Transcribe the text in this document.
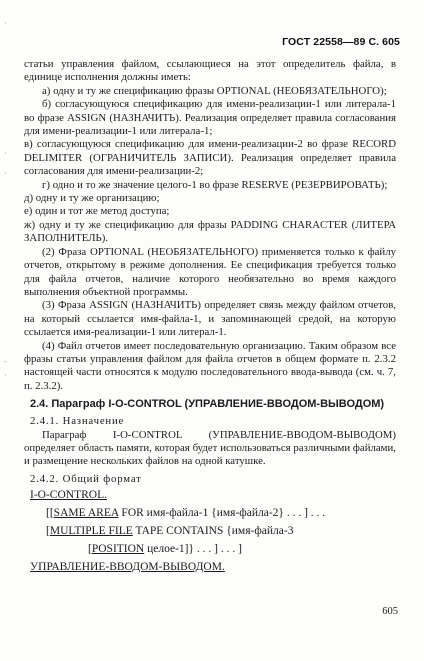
·
·
·
‐
·
ГОСТ 22558—89 С. 605

статьи управления файлом, ссылающиеся на этот определитель файла, в единице исполнения должны иметь:

а) одну и ту же спецификацию фразы OPTIONAL (НЕОБЯЗАТЕЛЬНОГО);

б) согласующуюся спецификацию для имени-реализации-1 или литерала-1 во фразе ASSIGN (НАЗНАЧИТЬ). Реализация определяет правила согласования для имени-реализации-1 или литерала-1;

в) согласующуюся спецификацию для имени-реализации-2 во фразе RECORD DELIMITER (ОГРАНИЧИТЕЛЬ ЗАПИСИ). Реализация определяет правила согласования для имени-реализации-2;

г) одно и то же значение целого-1 во фразе RESERVE (РЕЗЕРВИРОВАТЬ);

д) одну и ту же организацию;

е) один и тот же метод доступа;

ж) одну и ту же спецификацию для фразы PADDING CHARACTER (ЛИТЕРА ЗАПОЛНИТЕЛЬ).

(2) Фраза OPTIONAL (НЕОБЯЗАТЕЛЬНОГО) применяется только к файлу отчетов, открытому в режиме дополнения. Ее спецификация требуется только для файла отчетов, наличие которого необязательно во время каждого выполнения объектной программы.

(3) Фраза ASSIGN (НАЗНАЧИТЬ) определяет связь между файлом отчетов, на который ссылается имя-файла-1, и запоминающей средой, на которую ссылается имя-реализации-1 или литерал-1.

(4) Файл отчетов имеет последовательную организацию. Таким образом все фразы статьи управления файлом для файла отчетов в общем формате п. 2.3.2 настоящей части относятся к модулю последовательного ввода-вывода (см. ч. 7, п. 2.3.2).

2.4. Параграф I-O-CONTROL (УПРАВЛЕНИЕ-ВВОДОМ-ВЫВОДОМ)
2.4.1. Назначение

Параграф I-O-CONTROL (УПРАВЛЕНИЕ-ВВОДОМ-ВЫВОДОМ) определяет область памяти, которая будет использоваться различными файлами, и размещение нескольких файлов на одной катушке.

2.4.2. Общий формат
I-O-CONTROL.
[[SAME AREA FOR имя-файла-1 {имя-файла-2} . . . ] . . .
[MULTIPLE FILE TAPE CONTAINS {имя-файла-3
[POSITION целое-1]} . . . ] . . . ]
УПРАВЛЕНИЕ-ВВОДОМ-ВЫВОДОМ.
605
